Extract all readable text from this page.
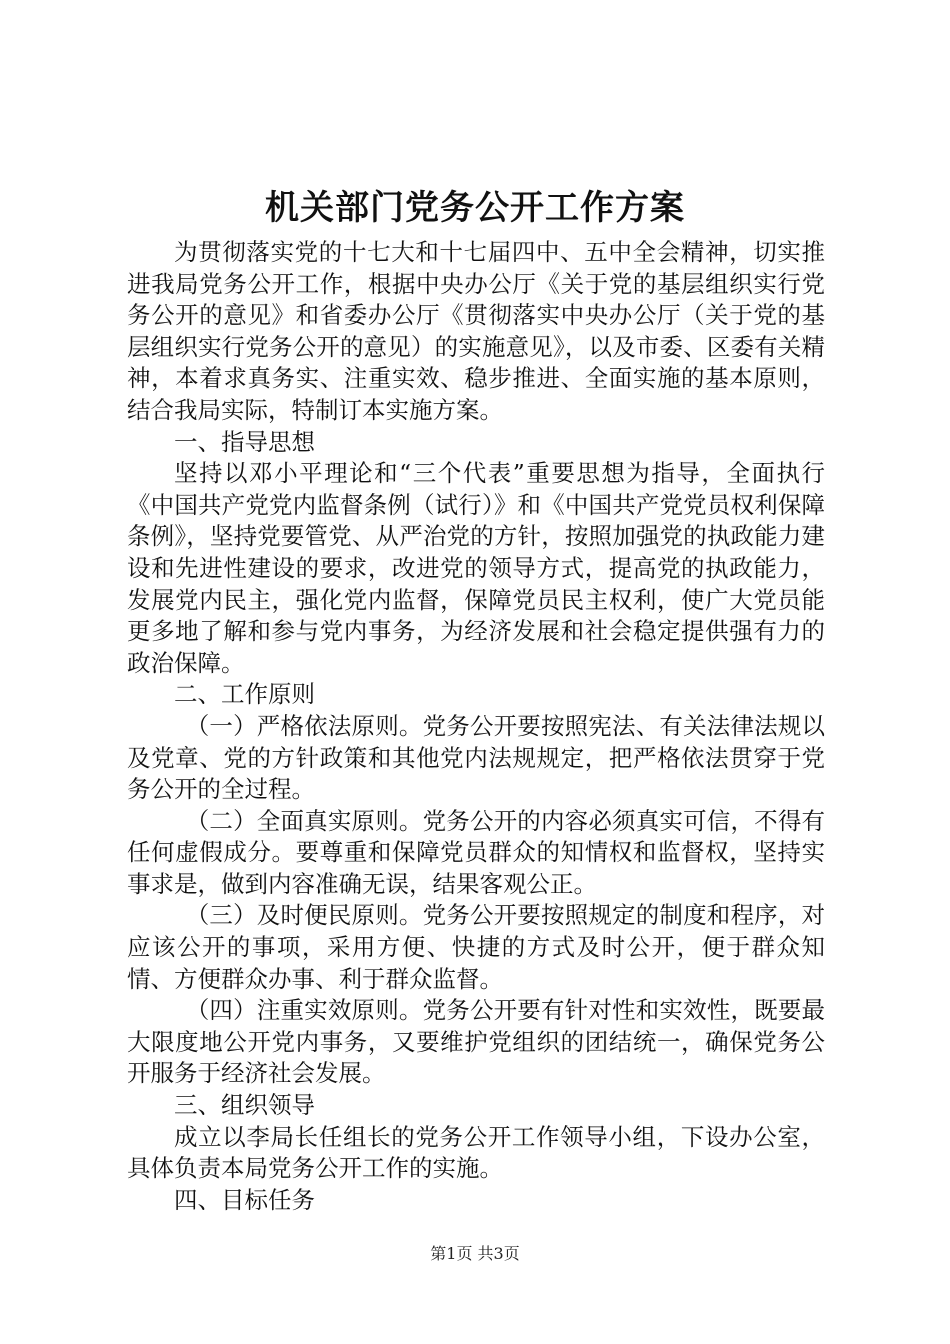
机关部门党务公开工作方案

为贯彻落实党的十七大和十七届四中、五中全会精神，切实推进我局党务公开工作，根据中央办公厅《关于党的基层组织实行党务公开的意见》和省委办公厅《贯彻落实中央办公厅（关于党的基层组织实行党务公开的意见）的实施意见》，以及市委、区委有关精神，本着求真务实、注重实效、稳步推进、全面实施的基本原则，结合我局实际，特制订本实施方案。

一、指导思想

坚持以邓小平理论和“三个代表”重要思想为指导，全面执行《中国共产党党内监督条例（试行）》和《中国共产党党员权利保障条例》，坚持党要管党、从严治党的方针，按照加强党的执政能力建设和先进性建设的要求，改进党的领导方式，提高党的执政能力，发展党内民主，强化党内监督，保障党员民主权利，使广大党员能更多地了解和参与党内事务，为经济发展和社会稳定提供强有力的政治保障。

二、工作原则

（一）严格依法原则。党务公开要按照宪法、有关法律法规以及党章、党的方针政策和其他党内法规规定，把严格依法贯穿于党务公开的全过程。

（二）全面真实原则。党务公开的内容必须真实可信，不得有任何虚假成分。要尊重和保障党员群众的知情权和监督权，坚持实事求是，做到内容准确无误，结果客观公正。

（三）及时便民原则。党务公开要按照规定的制度和程序，对应该公开的事项，采用方便、快捷的方式及时公开，便于群众知情、方便群众办事、利于群众监督。

（四）注重实效原则。党务公开要有针对性和实效性，既要最大限度地公开党内事务，又要维护党组织的团结统一，确保党务公开服务于经济社会发展。

三、组织领导

成立以李局长任组长的党务公开工作领导小组，下设办公室，具体负责本局党务公开工作的实施。

四、目标任务

第1页 共3页
